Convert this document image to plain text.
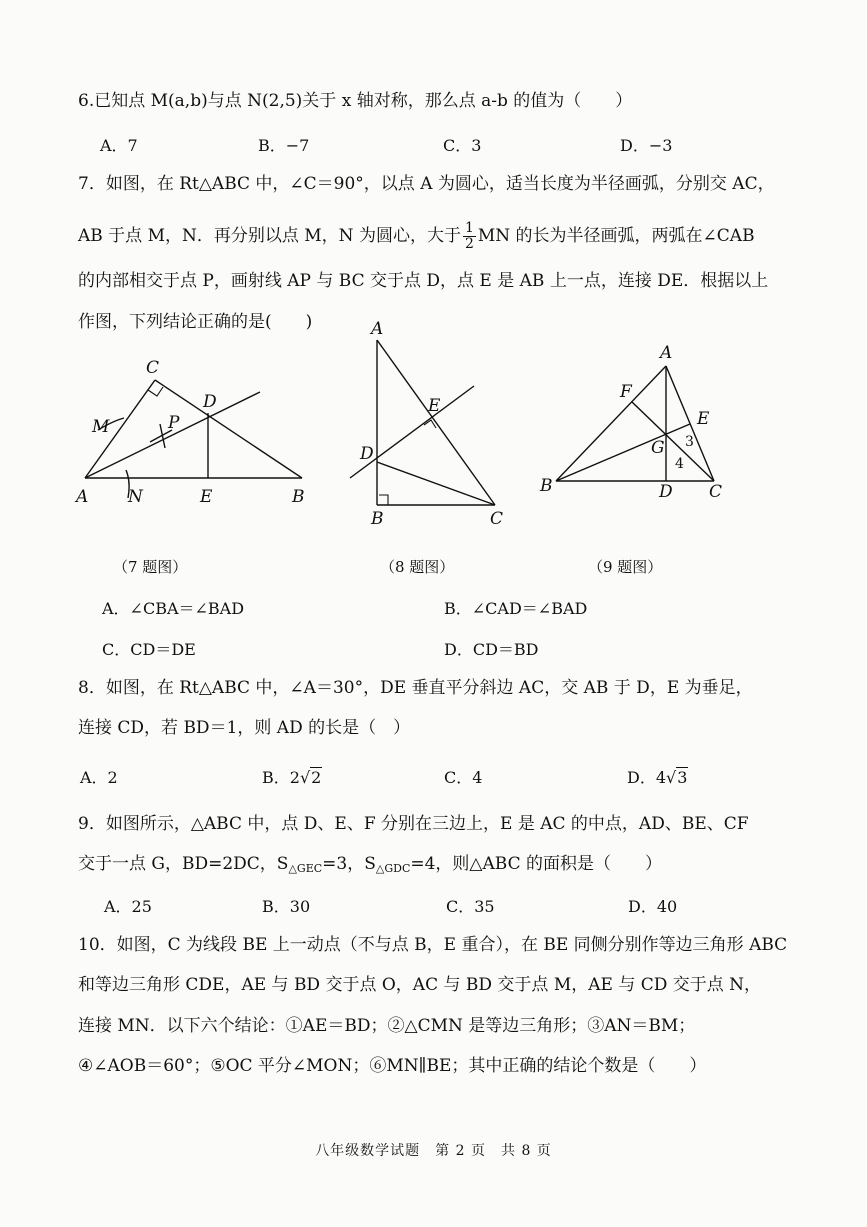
6.已知点 M(a,b)与点 N(2,5)关于 x 轴对称，那么点 a-b 的值为（　　）
A．7	B．−7	C．3	D．−3
7．如图，在 Rt△ABC 中，∠C＝90°，以点 A 为圆心，适当长度为半径画弧，分别交 AC，
AB 于点 M，N．再分别以点 M，N 为圆心，大于 $\frac{1}{2}$ MN 的长为半径画弧，两弧在∠CAB
的内部相交于点 P，画射线 AP 与 BC 交于点 D，点 E 是 AB 上一点，连接 DE．根据以上
作图，下列结论正确的是(　　)
C
D
M	P
A N	E	B
A
E
D
B	C
A
F
E
G 3
4
B	D C
（7 题图）	（8 题图）	（9 题图）
A．∠CBA＝∠BAD	B．∠CAD＝∠BAD
C．CD＝DE	D．CD＝BD
8．如图，在 Rt△ABC 中，∠A＝30°，DE 垂直平分斜边 AC，交 AB 于 D，E 为垂足，
连接 CD，若 BD＝1，则 AD 的长是（　）
A．2	B．2√2	C．4	D．4√3
9．如图所示，△ABC 中，点 D、E、F 分别在三边上，E 是 AC 的中点，AD、BE、CF
交于一点 G，BD=2DC，$S_{\triangle GEC}=3$，$S_{\triangle GDC}=4$，则△ABC 的面积是（　　）
A．25	B．30	C．35	D．40
10．如图，C 为线段 BE 上一动点（不与点 B，E 重合），在 BE 同侧分别作等边三角形 ABC
和等边三角形 CDE，AE 与 BD 交于点 O，AC 与 BD 交于点 M，AE 与 CD 交于点 N，
连接 MN．以下六个结论：①AE＝BD；②△CMN 是等边三角形；③AN＝BM；
④∠AOB＝60°；⑤OC 平分∠MON；⑥MN∥BE；其中正确的结论个数是（　　）
八年级数学试题　第 2 页　共 8 页
